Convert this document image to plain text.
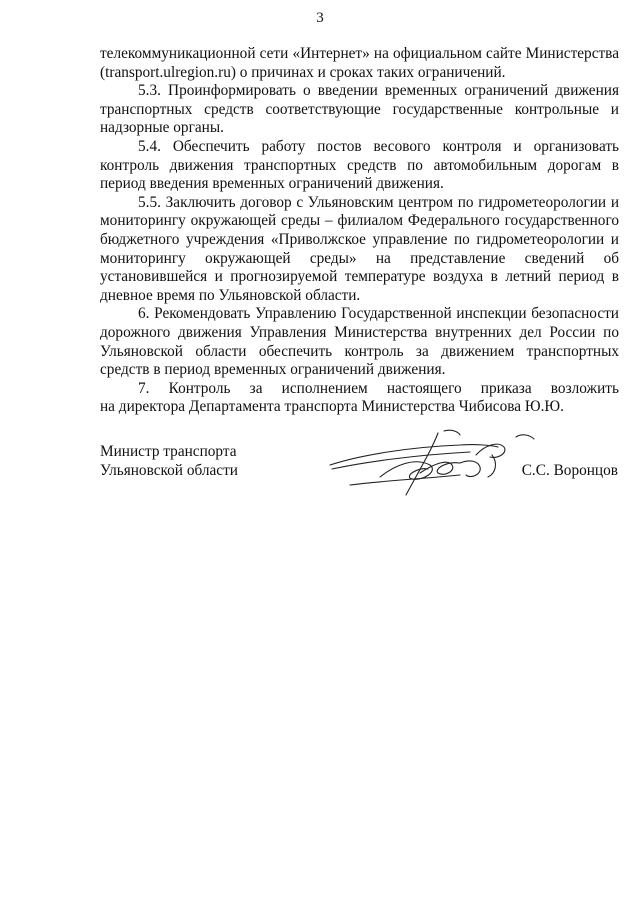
3

телекоммуникационной сети «Интернет» на официальном сайте Министерства (transport.ulregion.ru) о причинах и сроках таких ограничений.

5.3. Проинформировать о введении временных ограничений движения транспортных средств соответствующие государственные контрольные и надзорные органы.

5.4. Обеспечить работу постов весового контроля и организовать контроль движения транспортных средств по автомобильным дорогам в период введения временных ограничений движения.

5.5. Заключить договор с Ульяновским центром по гидрометеорологии и мониторингу окружающей среды – филиалом Федерального государственного бюджетного учреждения «Приволжское управление по гидрометеорологии и мониторингу окружающей среды» на представление сведений об установившейся и прогнозируемой температуре воздуха в летний период в дневное время по Ульяновской области.

6. Рекомендовать Управлению Государственной инспекции безопасности дорожного движения Управления Министерства внутренних дел России по Ульяновской области обеспечить контроль за движением транспортных средств в период временных ограничений движения.

7. Контроль за исполнением настоящего приказа возложить

на директора Департамента транспорта Министерства Чибисова Ю.Ю.

Министр транспорта
Ульяновской области	С.С. Воронцов
